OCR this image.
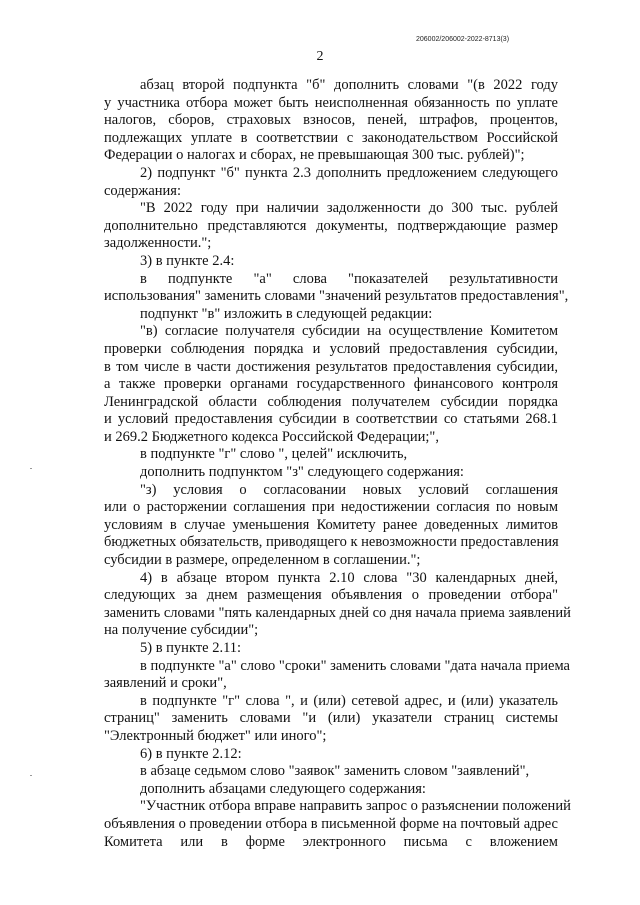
206002/206002-2022-8713(3)
2
абзац второй подпункта "б" дополнить словами "(в 2022 году
у участника отбора может быть неисполненная обязанность по уплате
налогов, сборов, страховых взносов, пеней, штрафов, процентов,
подлежащих уплате в соответствии с законодательством Российской
Федерации о налогах и сборах, не превышающая 300 тыс. рублей)";
2) подпункт "б" пункта 2.3 дополнить предложением следующего
содержания:
"В 2022 году при наличии задолженности до 300 тыс. рублей
дополнительно представляются документы, подтверждающие размер
задолженности.";
3) в пункте 2.4:
в подпункте "а" слова "показателей результативности
использования" заменить словами "значений результатов предоставления",
подпункт "в" изложить в следующей редакции:
"в) согласие получателя субсидии на осуществление Комитетом
проверки соблюдения порядка и условий предоставления субсидии,
в том числе в части достижения результатов предоставления субсидии,
а также проверки органами государственного финансового контроля
Ленинградской области соблюдения получателем субсидии порядка
и условий предоставления субсидии в соответствии со статьями 268.1
и 269.2 Бюджетного кодекса Российской Федерации;",
в подпункте "г" слово ", целей" исключить,
дополнить подпунктом "з" следующего содержания:
"з) условия о согласовании новых условий соглашения
или о расторжении соглашения при недостижении согласия по новым
условиям в случае уменьшения Комитету ранее доведенных лимитов
бюджетных обязательств, приводящего к невозможности предоставления
субсидии в размере, определенном в соглашении.";
4) в абзаце втором пункта 2.10 слова "30 календарных дней,
следующих за днем размещения объявления о проведении отбора"
заменить словами "пять календарных дней со дня начала приема заявлений
на получение субсидии";
5) в пункте 2.11:
в подпункте "а" слово "сроки" заменить словами "дата начала приема
заявлений и сроки",
в подпункте "г" слова ", и (или) сетевой адрес, и (или) указатель
страниц" заменить словами "и (или) указатели страниц системы
"Электронный бюджет" или иного";
6) в пункте 2.12:
в абзаце седьмом слово "заявок" заменить словом "заявлений",
дополнить абзацами следующего содержания:
"Участник отбора вправе направить запрос о разъяснении положений
объявления о проведении отбора в письменной форме на почтовый адрес
Комитета или в форме электронного письма с вложением
